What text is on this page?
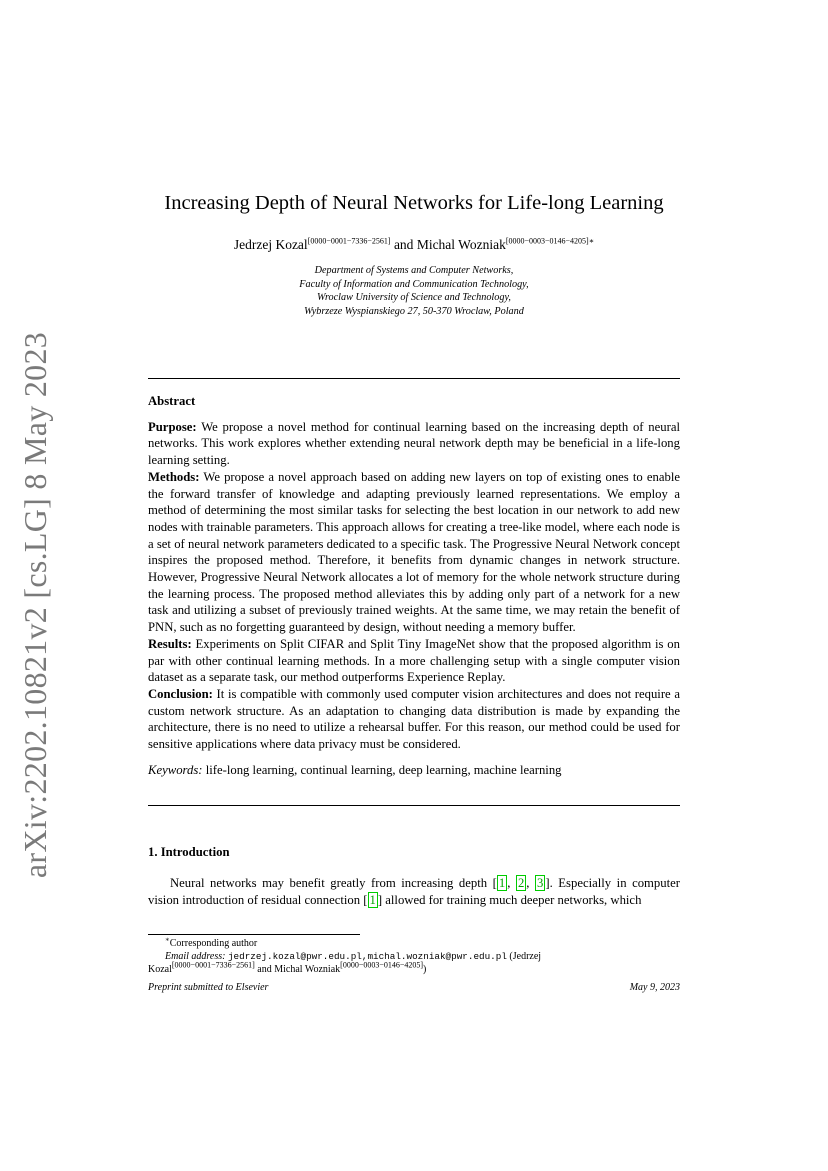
arXiv:2202.10821v2 [cs.LG] 8 May 2023
Increasing Depth of Neural Networks for Life-long Learning
Jedrzej Kozal[0000−0001−7336−2561] and Michal Wozniak$^{[0000-0003-0146-4205]∗}$
Department of Systems and Computer Networks,
Faculty of Information and Communication Technology,
Wroclaw University of Science and Technology,
Wybrzeze Wyspianskiego 27, 50-370 Wroclaw, Poland
Abstract

Purpose: We propose a novel method for continual learning based on the increasing depth of neural networks. This work explores whether extending neural network depth may be beneficial in a life-long learning setting.

Methods: We propose a novel approach based on adding new layers on top of existing ones to enable the forward transfer of knowledge and adapting previously learned representations. We employ a method of determining the most similar tasks for selecting the best location in our network to add new nodes with trainable parameters. This approach allows for creating a tree-like model, where each node is a set of neural network parameters dedicated to a specific task. The Progressive Neural Network concept inspires the proposed method. Therefore, it benefits from dynamic changes in network structure. However, Progressive Neural Network allocates a lot of memory for the whole network structure during the learning process. The proposed method alleviates this by adding only part of a network for a new task and utilizing a subset of previously trained weights. At the same time, we may retain the benefit of PNN, such as no forgetting guaranteed by design, without needing a memory buffer.

Results: Experiments on Split CIFAR and Split Tiny ImageNet show that the proposed algorithm is on par with other continual learning methods. In a more challenging setup with a single computer vision dataset as a separate task, our method outperforms Experience Replay.

Conclusion: It is compatible with commonly used computer vision architectures and does not require a custom network structure. As an adaptation to changing data distribution is made by expanding the architecture, there is no need to utilize a rehearsal buffer. For this reason, our method could be used for sensitive applications where data privacy must be considered.

Keywords: life-long learning, continual learning, deep learning, machine learning

1. Introduction

Neural networks may benefit greatly from increasing depth [ 1 , 2 , 3 ]. Especially in computer vision introduction of residual connection [ 1 ] allowed for training much deeper networks, which

∗Corresponding author

Email address: jedrzej.kozal@pwr.edu.pl,michal.wozniak@pwr.edu.pl (Jedrzej

Kozal[0000−0001−7336−2561] and Michal Wozniak[0000−0003−0146−4205])

Preprint submitted to Elsevier	May 9, 2023
